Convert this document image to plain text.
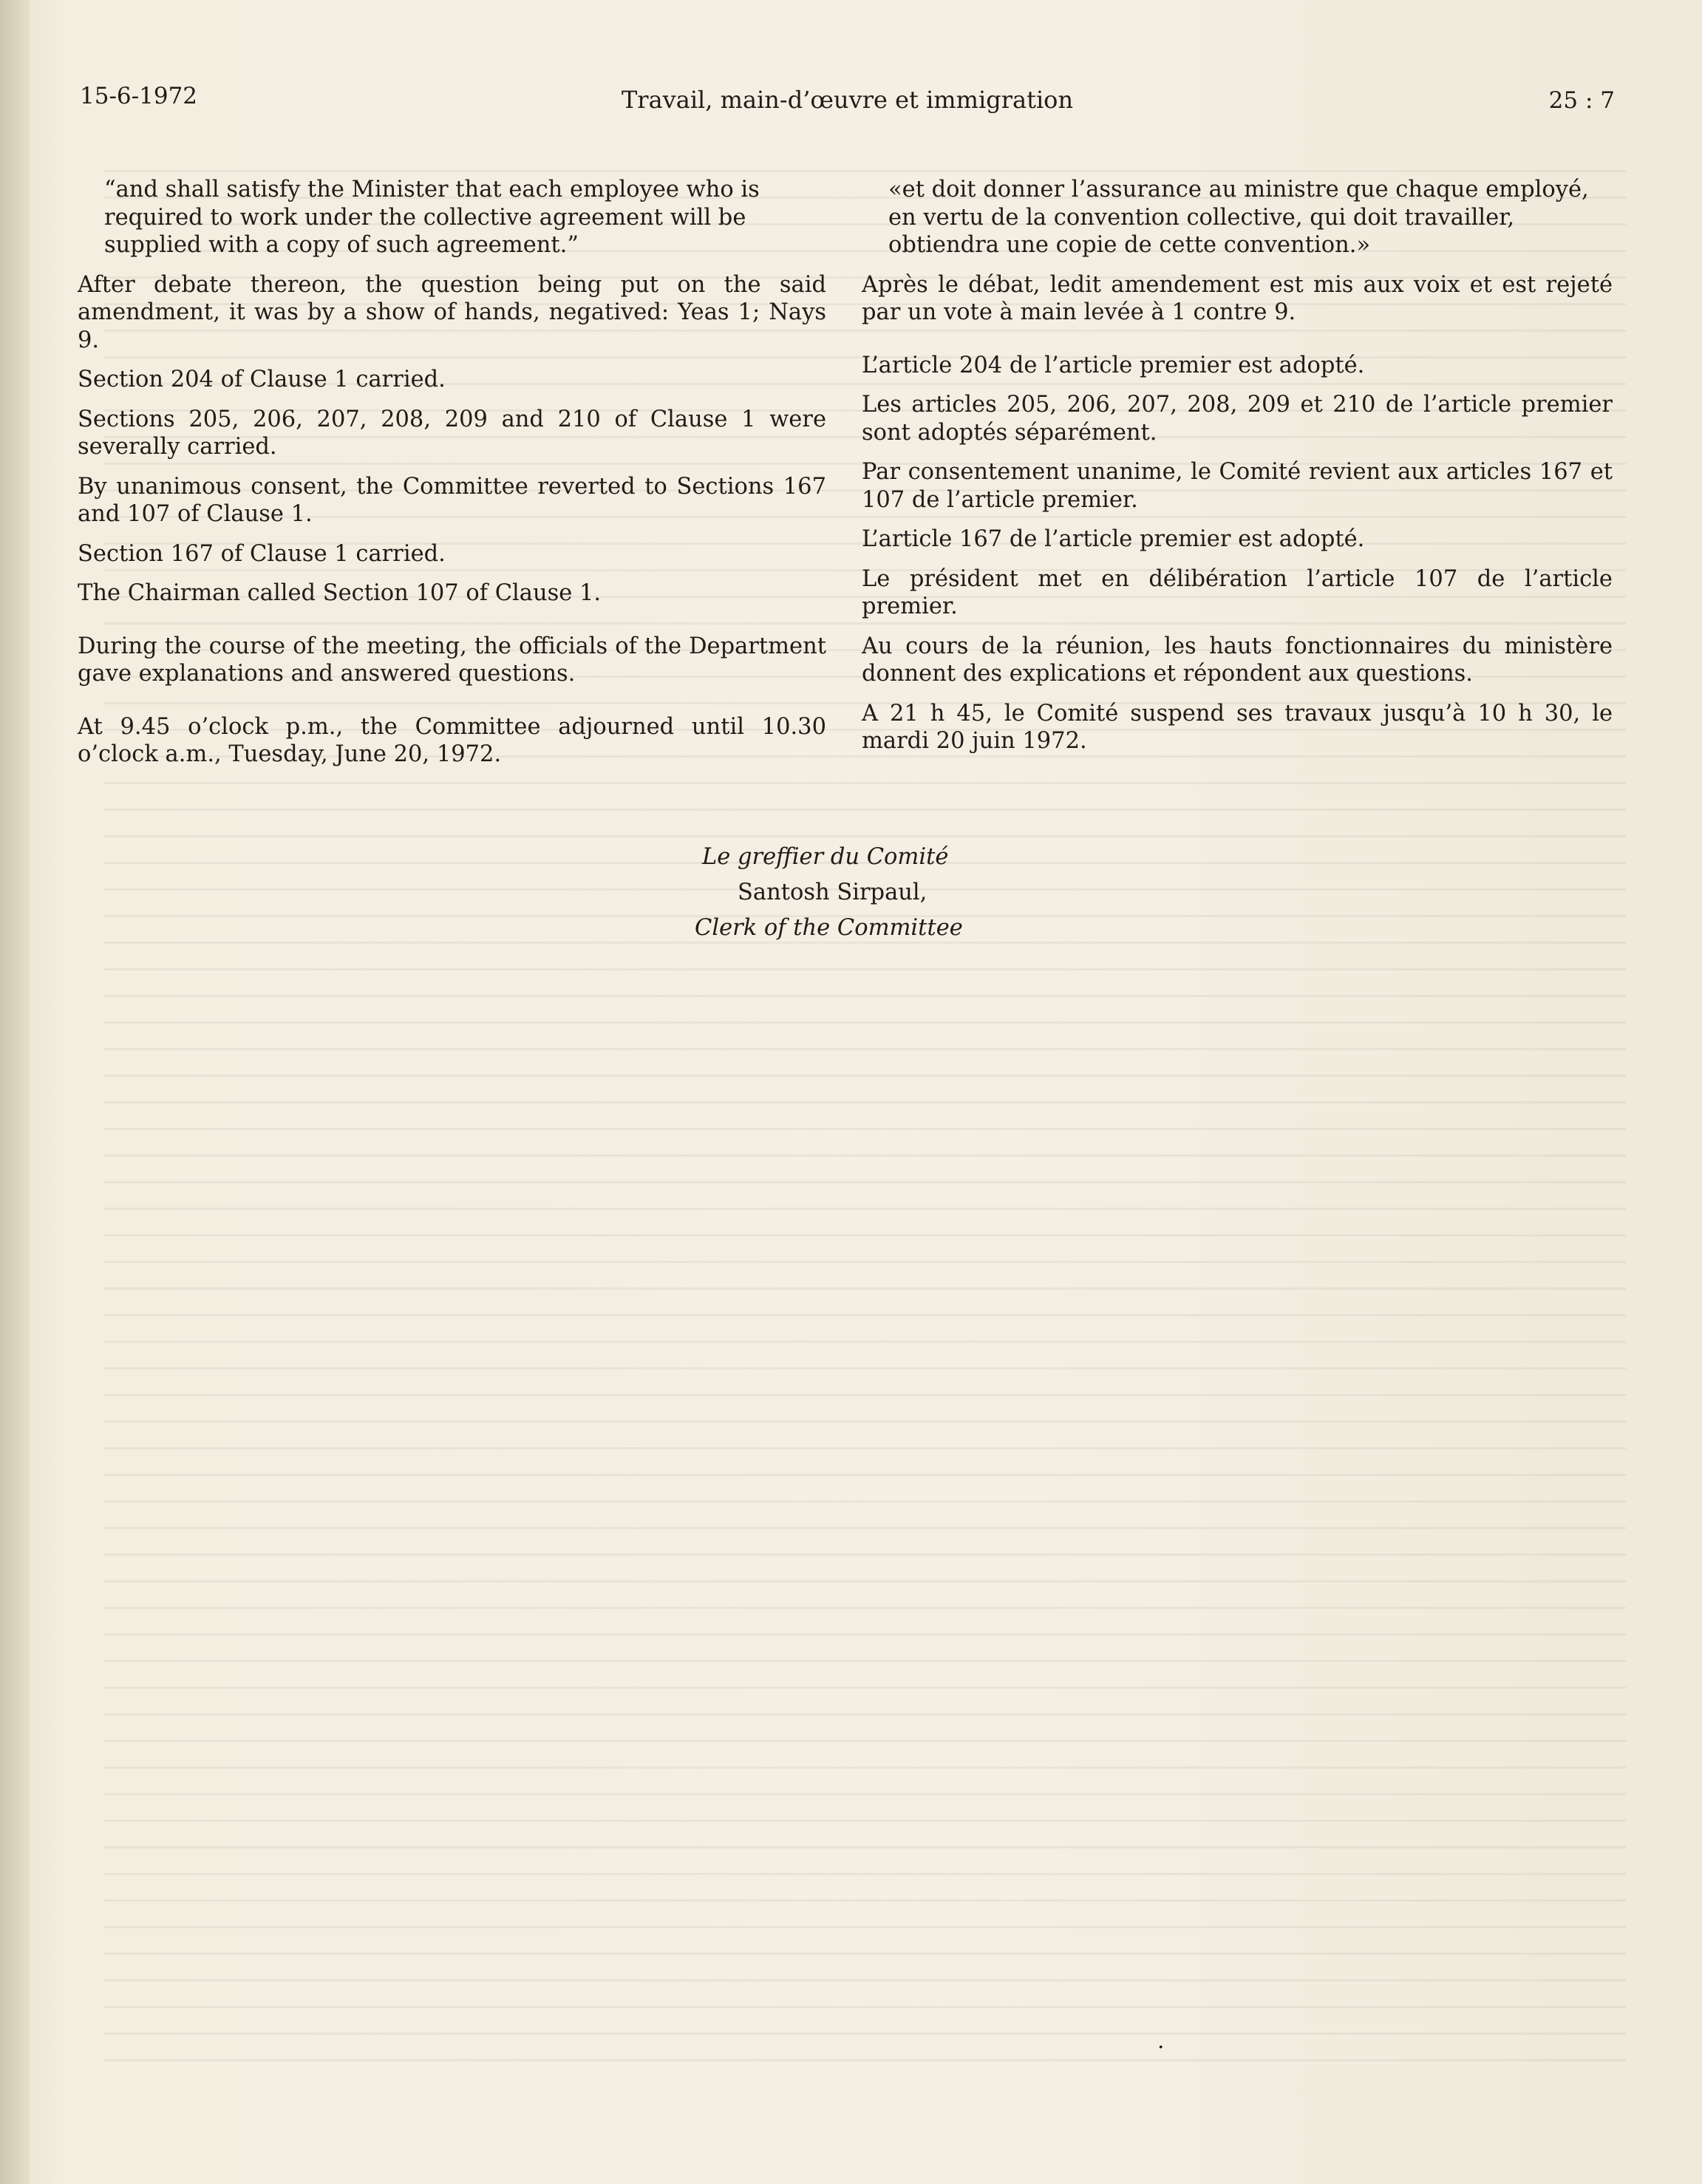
15-6-1972	Travail, main-d’œuvre et immigration	25 : 7

“and shall satisfy the Minister that each employee who is required to work under the collective agreement will be supplied with a copy of such agreement.”

After debate thereon, the question being put on the said amendment, it was by a show of hands, negatived: Yeas 1; Nays 9.

Section 204 of Clause 1 carried.

Sections 205, 206, 207, 208, 209 and 210 of Clause 1 were severally carried.

By unanimous consent, the Committee reverted to Sections 167 and 107 of Clause 1.

Section 167 of Clause 1 carried.

The Chairman called Section 107 of Clause 1.

During the course of the meeting, the officials of the Department gave explanations and answered questions.

At 9.45 o’clock p.m., the Committee adjourned until 10.30 o’clock a.m., Tuesday, June 20, 1972.

«et doit donner l’assurance au ministre que chaque employé, en vertu de la convention collective, qui doit travailler, obtiendra une copie de cette convention.»

Après le débat, ledit amendement est mis aux voix et est rejeté par un vote à main levée à 1 contre 9.

L’article 204 de l’article premier est adopté.

Les articles 205, 206, 207, 208, 209 et 210 de l’article premier sont adoptés séparément.

Par consentement unanime, le Comité revient aux articles 167 et 107 de l’article premier.

L’article 167 de l’article premier est adopté.

Le président met en délibération l’article 107 de l’article premier.

Au cours de la réunion, les hauts fonctionnaires du ministère donnent des explications et répondent aux questions.

A 21 h 45, le Comité suspend ses travaux jusqu’à 10 h 30, le mardi 20 juin 1972.

Le greffier du Comité
Santosh Sirpaul,
Clerk of the Committee
.
